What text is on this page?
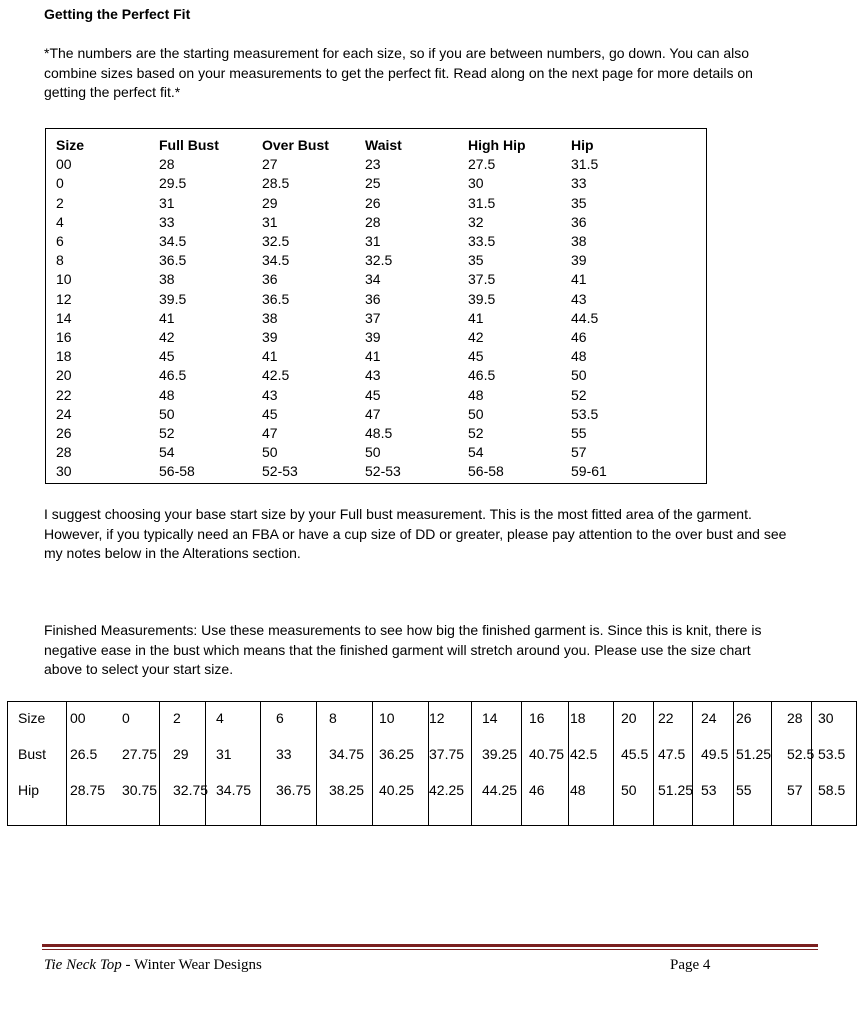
Getting the Perfect Fit
*The numbers are the starting measurement for each size, so if you are between numbers, go down. You can also
combine sizes based on your measurements to get the perfect fit. Read along on the next page for more details on
getting the perfect fit.*
Size	Full Bust	Over Bust	Waist	High Hip	Hip
00	28	27	23	27.5	31.5
0	29.5	28.5	25	30	33
2	31	29	26	31.5	35
4	33	31	28	32	36
6	34.5	32.5	31	33.5	38
8	36.5	34.5	32.5	35	39
10	38	36	34	37.5	41
12	39.5	36.5	36	39.5	43
14	41	38	37	41	44.5
16	42	39	39	42	46
18	45	41	41	45	48
20	46.5	42.5	43	46.5	50
22	48	43	45	48	52
24	50	45	47	50	53.5
26	52	47	48.5	52	55
28	54	50	50	54	57
30	56-58	52-53	52-53	56-58	59-61
I suggest choosing your base start size by your Full bust measurement. This is the most fitted area of the garment.
However, if you typically need an FBA or have a cup size of DD or greater, please pay attention to the over bust and see
my notes below in the Alterations section.
Finished Measurements: Use these measurements to see how big the finished garment is. Since this is knit, there is
negative ease in the bust which means that the finished garment will stretch around you. Please use the size chart
above to select your start size.
Size 00	0	2	4	6	8	10 12	14 16 18	20 22 24 26	28 30
Bust 26.5 27.75 29 31	33	34.75 36.25 37.75 39.25 40.75 42.5 45.5 47.5 49.5 51.25 52.5 53.5
Hip 28.75 30.75 32.75 34.75 36.75 38.25 40.25 42.25 44.25 46 48	50 51.25 53 55	57 58.5
Tie Neck Top - Winter Wear Designs	Page 4
